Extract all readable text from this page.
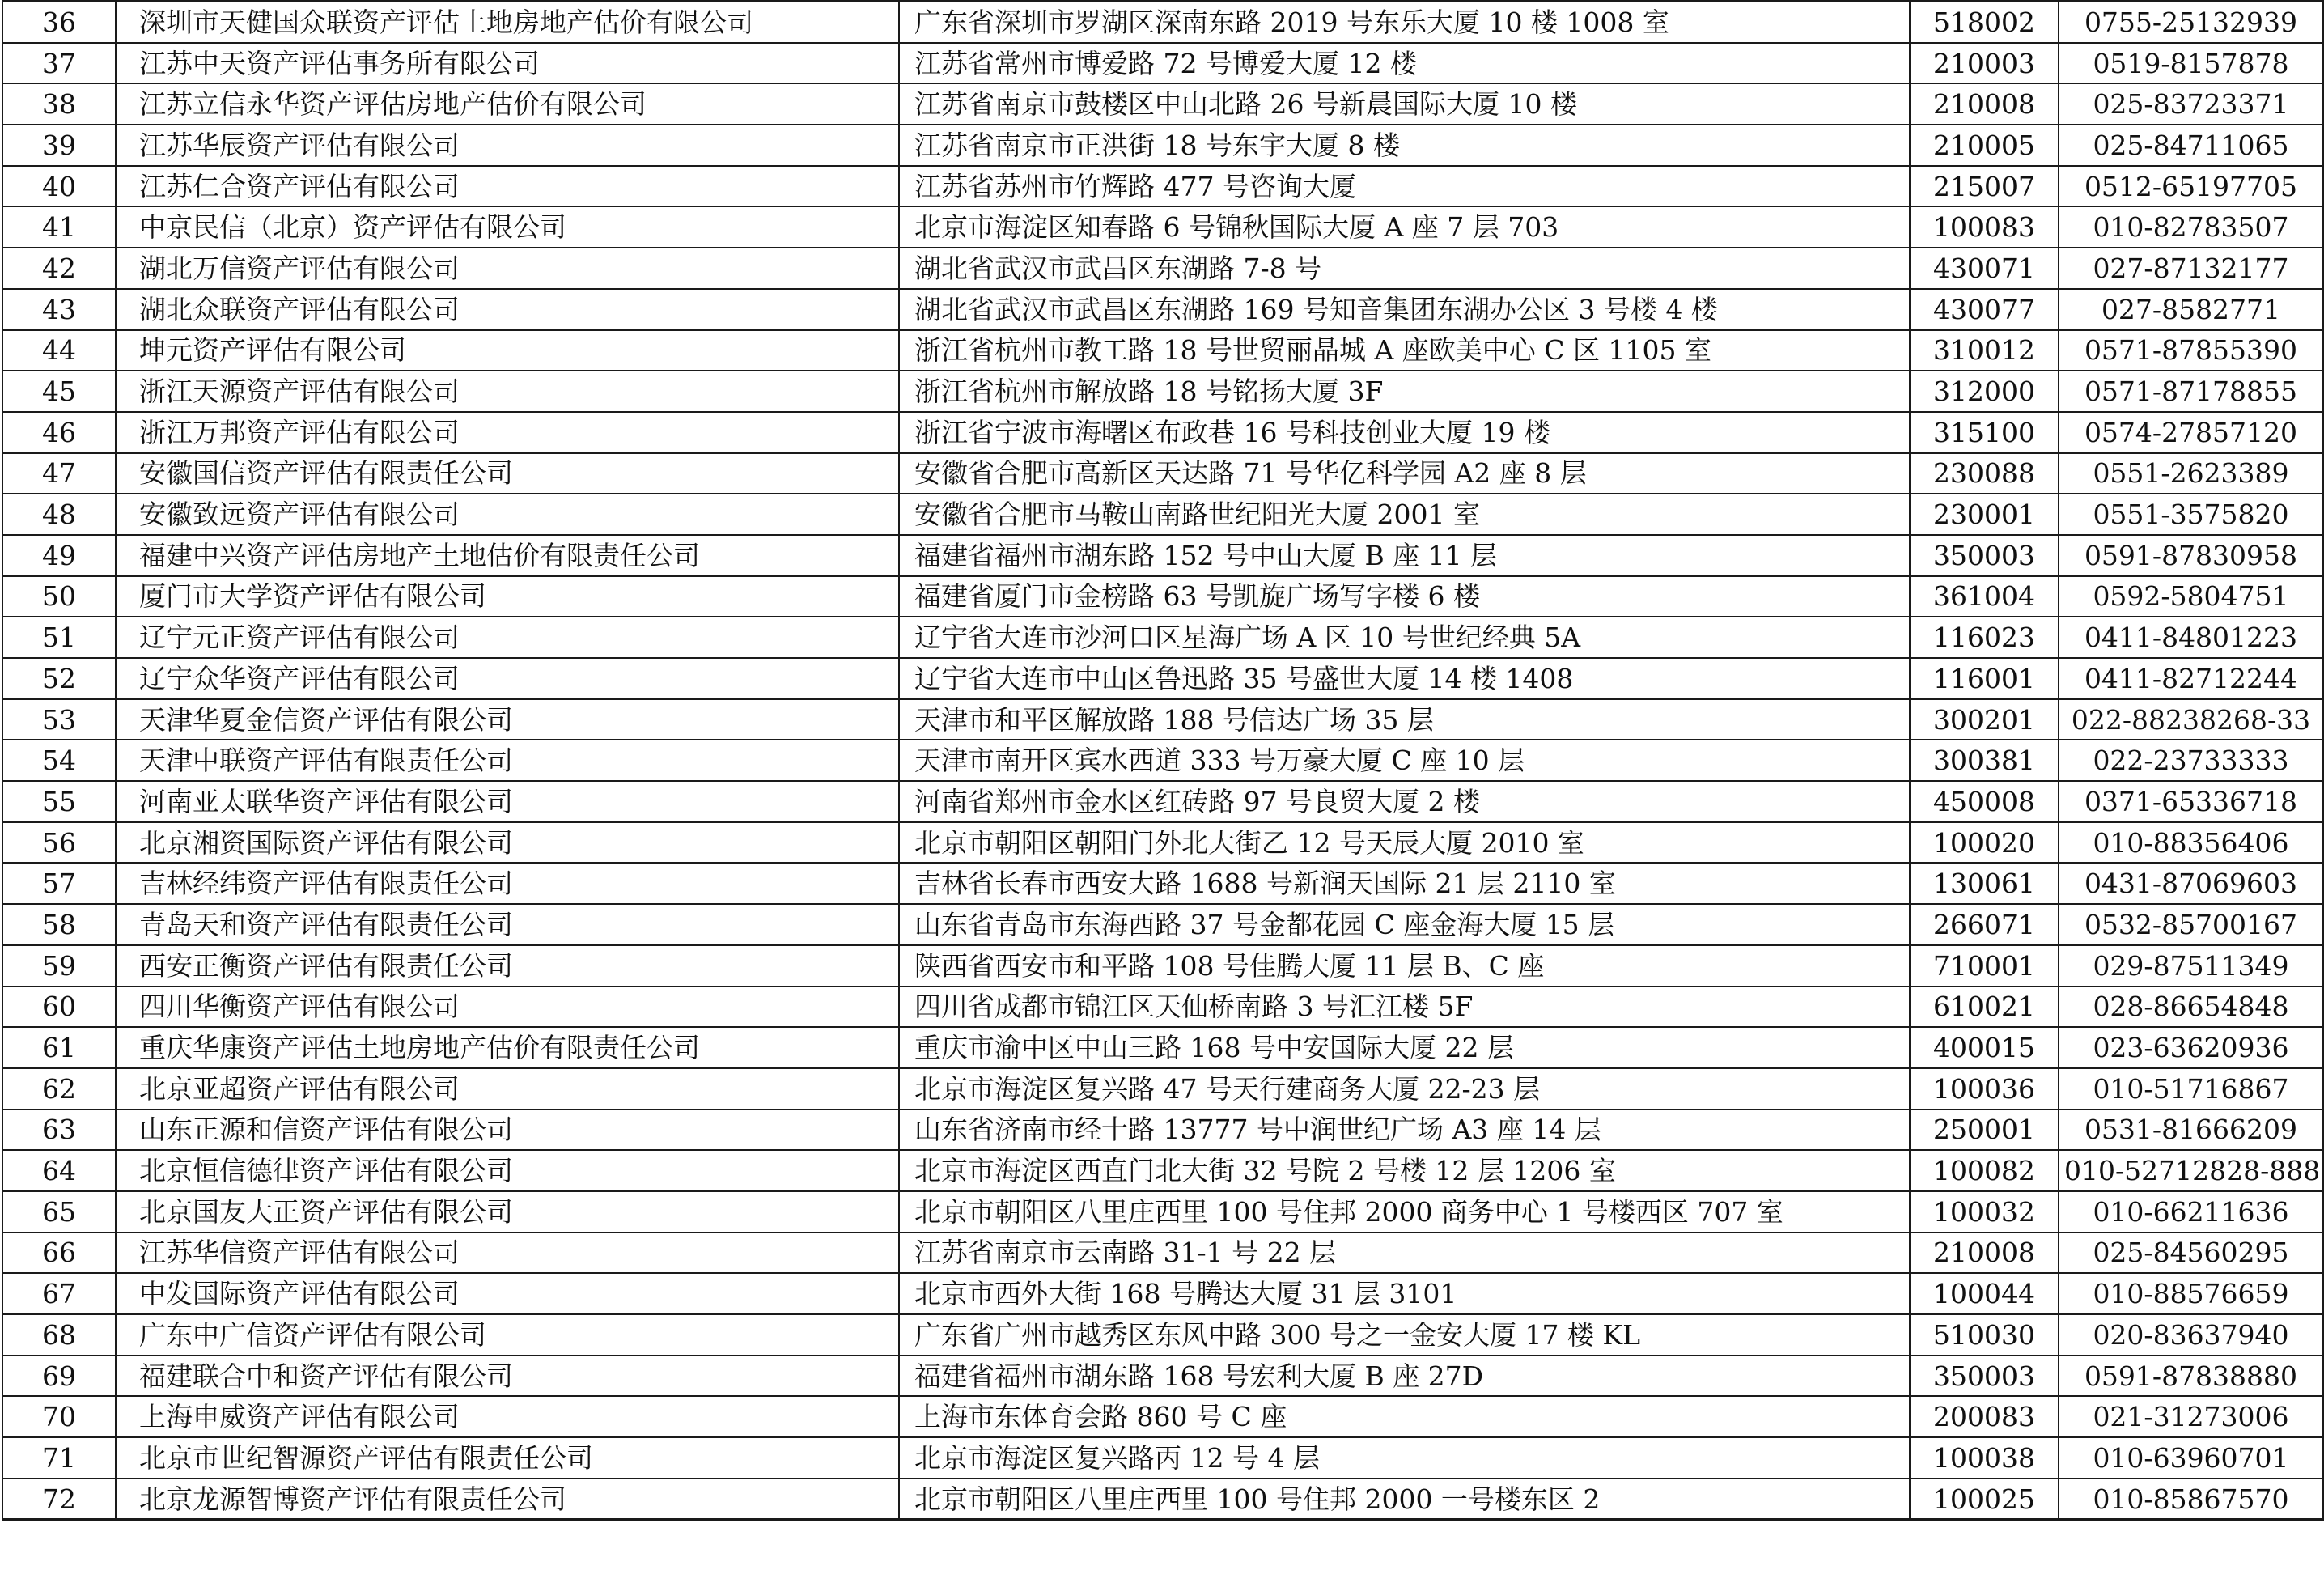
36	深圳市天健国众联资产评估土地房地产估价有限公司	广东省深圳市罗湖区深南东路 2019 号东乐大厦 10 楼 1008 室	518002	0755-25132939
37	江苏中天资产评估事务所有限公司	江苏省常州市博爱路 72 号博爱大厦 12 楼	210003	0519-8157878
38	江苏立信永华资产评估房地产估价有限公司	江苏省南京市鼓楼区中山北路 26 号新晨国际大厦 10 楼	210008	025-83723371
39	江苏华辰资产评估有限公司	江苏省南京市正洪街 18 号东宇大厦 8 楼	210005	025-84711065
40	江苏仁合资产评估有限公司	江苏省苏州市竹辉路 477 号咨询大厦	215007	0512-65197705
41	中京民信（北京）资产评估有限公司	北京市海淀区知春路 6 号锦秋国际大厦 A 座 7 层 703	100083	010-82783507
42	湖北万信资产评估有限公司	湖北省武汉市武昌区东湖路 7-8 号	430071	027-87132177
43	湖北众联资产评估有限公司	湖北省武汉市武昌区东湖路 169 号知音集团东湖办公区 3 号楼 4 楼	430077	027-8582771
44	坤元资产评估有限公司	浙江省杭州市教工路 18 号世贸丽晶城 A 座欧美中心 C 区 1105 室	310012	0571-87855390
45	浙江天源资产评估有限公司	浙江省杭州市解放路 18 号铭扬大厦 3F	312000	0571-87178855
46	浙江万邦资产评估有限公司	浙江省宁波市海曙区布政巷 16 号科技创业大厦 19 楼	315100	0574-27857120
47	安徽国信资产评估有限责任公司	安徽省合肥市高新区天达路 71 号华亿科学园 A2 座 8 层	230088	0551-2623389
48	安徽致远资产评估有限公司	安徽省合肥市马鞍山南路世纪阳光大厦 2001 室	230001	0551-3575820
49	福建中兴资产评估房地产土地估价有限责任公司	福建省福州市湖东路 152 号中山大厦 B 座 11 层	350003	0591-87830958
50	厦门市大学资产评估有限公司	福建省厦门市金榜路 63 号凯旋广场写字楼 6 楼	361004	0592-5804751
51	辽宁元正资产评估有限公司	辽宁省大连市沙河口区星海广场 A 区 10 号世纪经典 5A	116023	0411-84801223
52	辽宁众华资产评估有限公司	辽宁省大连市中山区鲁迅路 35 号盛世大厦 14 楼 1408	116001	0411-82712244
53	天津华夏金信资产评估有限公司	天津市和平区解放路 188 号信达广场 35 层	300201	022-88238268-33
54	天津中联资产评估有限责任公司	天津市南开区宾水西道 333 号万豪大厦 C 座 10 层	300381	022-23733333
55	河南亚太联华资产评估有限公司	河南省郑州市金水区红砖路 97 号良贸大厦 2 楼	450008	0371-65336718
56	北京湘资国际资产评估有限公司	北京市朝阳区朝阳门外北大街乙 12 号天辰大厦 2010 室	100020	010-88356406
57	吉林经纬资产评估有限责任公司	吉林省长春市西安大路 1688 号新润天国际 21 层 2110 室	130061	0431-87069603
58	青岛天和资产评估有限责任公司	山东省青岛市东海西路 37 号金都花园 C 座金海大厦 15 层	266071	0532-85700167
59	西安正衡资产评估有限责任公司	陕西省西安市和平路 108 号佳腾大厦 11 层 B、C 座	710001	029-87511349
60	四川华衡资产评估有限公司	四川省成都市锦江区天仙桥南路 3 号汇江楼 5F	610021	028-86654848
61	重庆华康资产评估土地房地产估价有限责任公司	重庆市渝中区中山三路 168 号中安国际大厦 22 层	400015	023-63620936
62	北京亚超资产评估有限公司	北京市海淀区复兴路 47 号天行建商务大厦 22-23 层	100036	010-51716867
63	山东正源和信资产评估有限公司	山东省济南市经十路 13777 号中润世纪广场 A3 座 14 层	250001	0531-81666209
64	北京恒信德律资产评估有限公司	北京市海淀区西直门北大街 32 号院 2 号楼 12 层 1206 室	100082	010-52712828-888
65	北京国友大正资产评估有限公司	北京市朝阳区八里庄西里 100 号住邦 2000 商务中心 1 号楼西区 707 室	100032	010-66211636
66	江苏华信资产评估有限公司	江苏省南京市云南路 31-1 号 22 层	210008	025-84560295
67	中发国际资产评估有限公司	北京市西外大街 168 号腾达大厦 31 层 3101	100044	010-88576659
68	广东中广信资产评估有限公司	广东省广州市越秀区东风中路 300 号之一金安大厦 17 楼 KL	510030	020-83637940
69	福建联合中和资产评估有限公司	福建省福州市湖东路 168 号宏利大厦 B 座 27D	350003	0591-87838880
70	上海申威资产评估有限公司	上海市东体育会路 860 号 C 座	200083	021-31273006
71	北京市世纪智源资产评估有限责任公司	北京市海淀区复兴路丙 12 号 4 层	100038	010-63960701
72	北京龙源智博资产评估有限责任公司	北京市朝阳区八里庄西里 100 号住邦 2000 一号楼东区 2	100025	010-85867570
